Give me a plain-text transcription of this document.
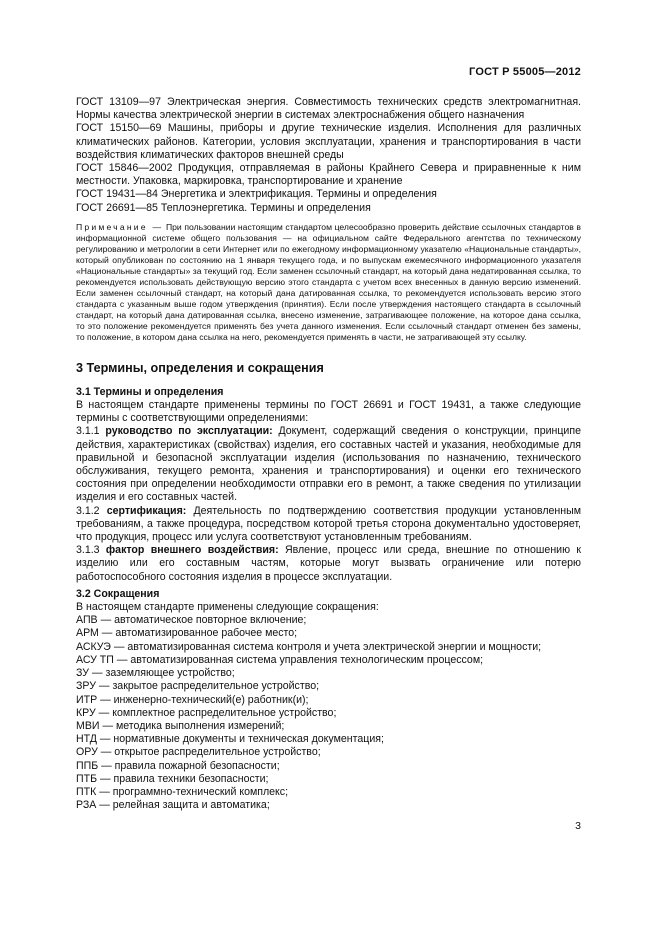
ГОСТ Р 55005—2012

ГОСТ 13109—97 Электрическая энергия. Совместимость технических средств электромагнитная. Нормы качества электрической энергии в системах электроснабжения общего назначения

ГОСТ 15150—69 Машины, приборы и другие технические изделия. Исполнения для различных климатических районов. Категории, условия эксплуатации, хранения и транспортирования в части воздействия климатических факторов внешней среды

ГОСТ 15846—2002 Продукция, отправляемая в районы Крайнего Севера и приравненные к ним местности. Упаковка, маркировка, транспортирование и хранение

ГОСТ 19431—84 Энергетика и электрификация. Термины и определения

ГОСТ 26691—85 Теплоэнергетика. Термины и определения

Примечание — При пользовании настоящим стандартом целесообразно проверить действие ссылочных стандартов в информационной системе общего пользования — на официальном сайте Федерального агентства по техническому регулированию и метрологии в сети Интернет или по ежегодному информационному указателю «Национальные стандарты», который опубликован по состоянию на 1 января текущего года, и по выпускам ежемесячного информационного указателя «Национальные стандарты» за текущий год. Если заменен ссылочный стандарт, на который дана недатированная ссылка, то рекомендуется использовать действующую версию этого стандарта с учетом всех внесенных в данную версию изменений. Если заменен ссылочный стандарт, на который дана датированная ссылка, то рекомендуется использовать версию этого стандарта с указанным выше годом утверждения (принятия). Если после утверждения настоящего стандарта в ссылочный стандарт, на который дана датированная ссылка, внесено изменение, затрагивающее положение, на которое дана ссылка, то это положение рекомендуется применять без учета данного изменения. Если ссылочный стандарт отменен без замены, то положение, в котором дана ссылка на него, рекомендуется применять в части, не затрагивающей эту ссылку.
3 Термины, определения и сокращения
3.1 Термины и определения

В настоящем стандарте применены термины по ГОСТ 26691 и ГОСТ 19431, а также следующие термины с соответствующими определениями:

3.1.1 руководство по эксплуатации: Документ, содержащий сведения о конструкции, принципе действия, характеристиках (свойствах) изделия, его составных частей и указания, необходимые для правильной и безопасной эксплуатации изделия (использования по назначению, технического обслуживания, текущего ремонта, хранения и транспортирования) и оценки его технического состояния при определении необходимости отправки его в ремонт, а также сведения по утилизации изделия и его составных частей.

3.1.2 сертификация: Деятельность по подтверждению соответствия продукции установленным требованиям, а также процедура, посредством которой третья сторона документально удостоверяет, что продукция, процесс или услуга соответствуют установленным требованиям.

3.1.3 фактор внешнего воздействия: Явление, процесс или среда, внешние по отношению к изделию или его составным частям, которые могут вызвать ограничение или потерю работоспособного состояния изделия в процессе эксплуатации.

3.2 Сокращения

В настоящем стандарте применены следующие сокращения:

АПВ — автоматическое повторное включение;

АРМ — автоматизированное рабочее место;

АСКУЭ — автоматизированная система контроля и учета электрической энергии и мощности;

АСУ ТП — автоматизированная система управления технологическим процессом;

ЗУ — заземляющее устройство;

ЗРУ — закрытое распределительное устройство;

ИТР — инженерно-технический(е) работник(и);

КРУ — комплектное распределительное устройство;

МВИ — методика выполнения измерений;

НТД — нормативные документы и техническая документация;

ОРУ — открытое распределительное устройство;

ППБ — правила пожарной безопасности;

ПТБ — правила техники безопасности;

ПТК — программно-технический комплекс;

РЗА — релейная защита и автоматика;

3
